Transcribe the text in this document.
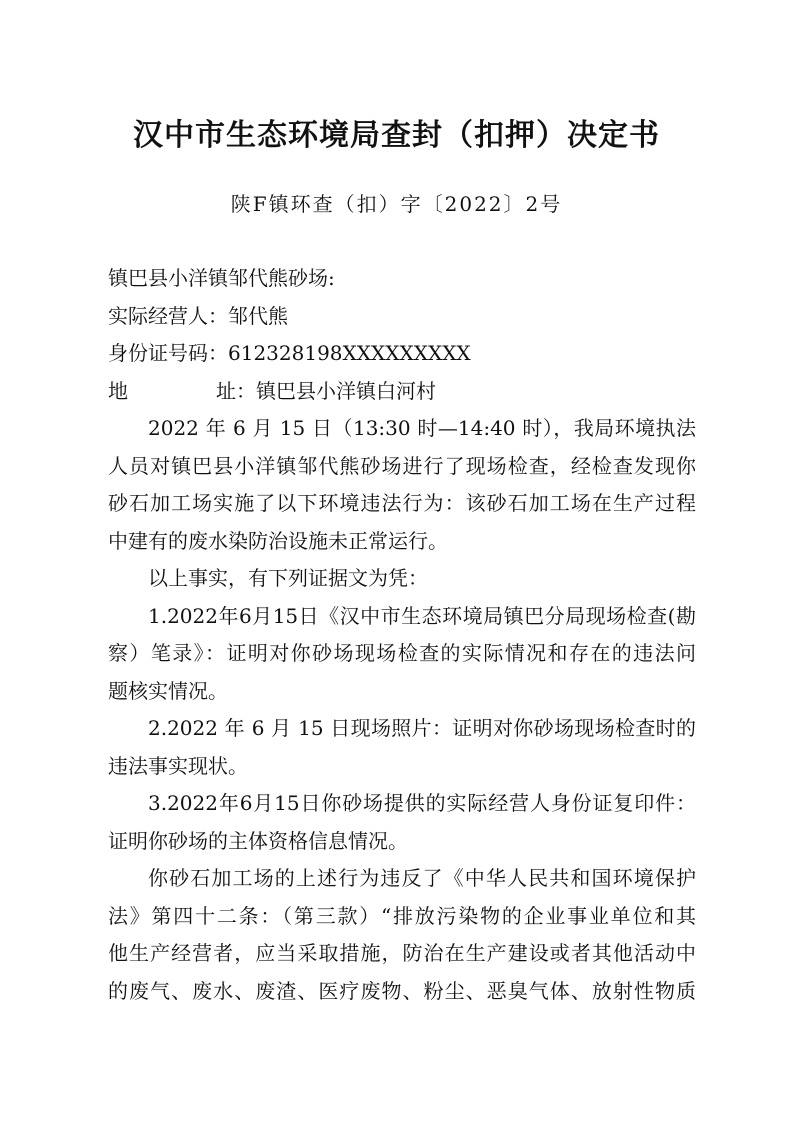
汉中市生态环境局查封（扣押）决定书
陕F镇环查（扣）字〔2022〕2号
镇巴县小洋镇邹代熊砂场:
实际经营人：邹代熊
身份证号码：612328198XXXXXXXXX
地 址：镇巴县小洋镇白河村
2022 年 6 月 15 日（13:30 时—14:40 时），我局环境执法
人员对镇巴县小洋镇邹代熊砂场进行了现场检查，经检查发现你
砂石加工场实施了以下环境违法行为：该砂石加工场在生产过程
中建有的废水染防治设施未正常运行。
以上事实，有下列证据文为凭：
1.2022年6月15日《汉中市生态环境局镇巴分局现场检查(勘
察）笔录》：证明对你砂场现场检查的实际情况和存在的违法问
题核实情况。
2.2022 年 6 月 15 日现场照片：证明对你砂场现场检查时的
违法事实现状。
3.2022年6月15日你砂场提供的实际经营人身份证复印件：
证明你砂场的主体资格信息情况。
你砂石加工场的上述行为违反了《中华人民共和国环境保护
法》第四十二条：（第三款）“排放污染物的企业事业单位和其
他生产经营者，应当采取措施，防治在生产建设或者其他活动中
的废气、废水、废渣、医疗废物、粉尘、恶臭气体、放射性物质
